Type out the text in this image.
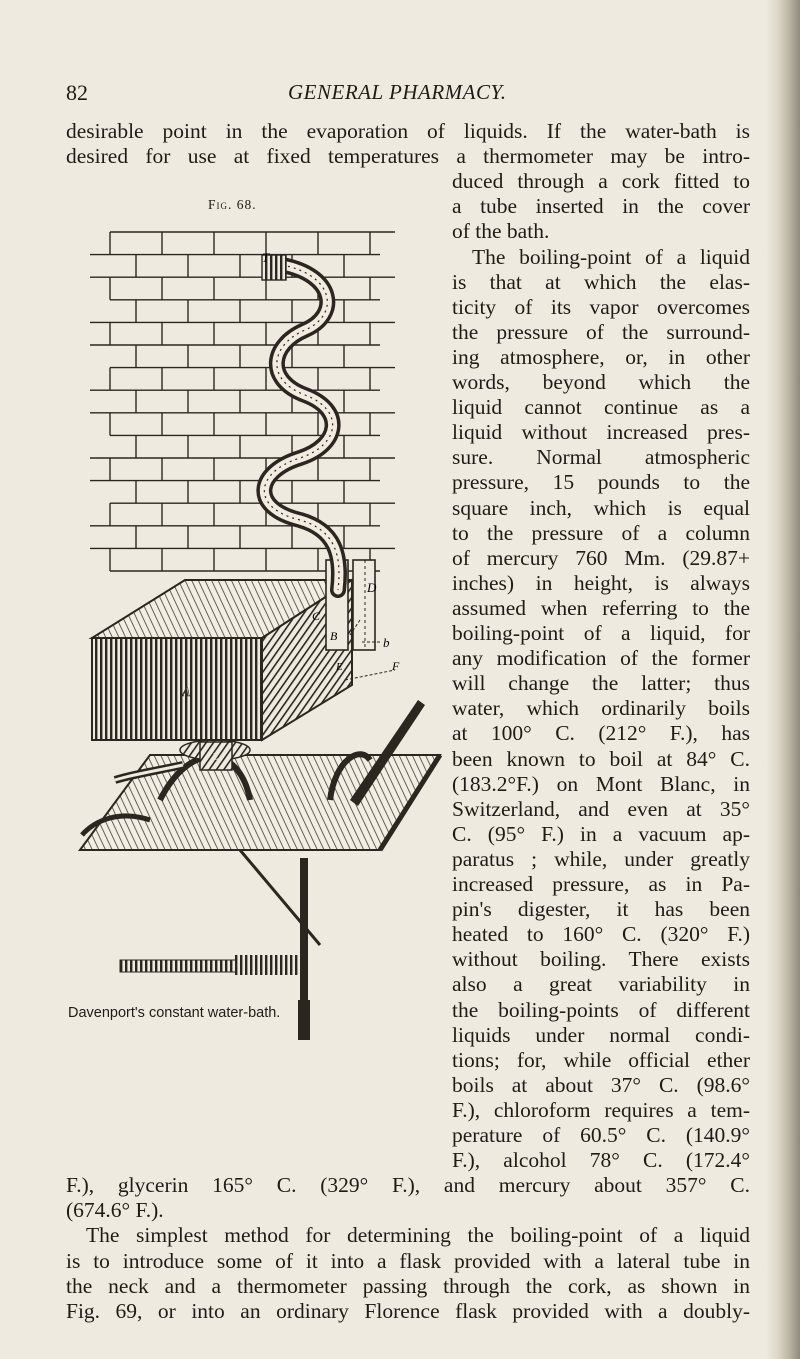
82	GENERAL PHARMACY.
desirable point in the evaporation of liquids. If the water-bath is
desired for use at fixed temperatures a thermometer may be intro-
duced through a cork fitted to
a tube inserted in the cover
of the bath.
The boiling-point of a liquid
is that at which the elas-
ticity of its vapor overcomes
the pressure of the surround-
ing atmosphere, or, in other
words, beyond which the
liquid cannot continue as a
liquid without increased pres-
sure. Normal atmospheric
pressure, 15 pounds to the
square inch, which is equal
to the pressure of a column
of mercury 760 Mm. (29.87+
inches) in height, is always
assumed when referring to the
boiling-point of a liquid, for
any modification of the former
will change the latter; thus
water, which ordinarily boils
at 100° C. (212° F.), has
been known to boil at 84° C.
(183.2°F.) on Mont Blanc, in
Switzerland, and even at 35°
C. (95° F.) in a vacuum ap-
paratus ; while, under greatly
increased pressure, as in Pa-
pin's digester, it has been
heated to 160° C. (320° F.)
without boiling. There exists
also a great variability in
the boiling-points of different
liquids under normal condi-
tions; for, while official ether
boils at about 37° C. (98.6°
F.), chloroform requires a tem-
perature of 60.5° C. (140.9°
F.), alcohol 78° C. (172.4°
F.), glycerin 165° C. (329° F.), and mercury about 357° C.
(674.6° F.).
The simplest method for determining the boiling-point of a liquid
is to introduce some of it into a flask provided with a lateral tube in
the neck and a thermometer passing through the cork, as shown in
Fig. 69, or into an ordinary Florence flask provided with a doubly-
Fig. 68.
T
D
B	b
C
E	F
A
L
Davenport's constant water-bath.
